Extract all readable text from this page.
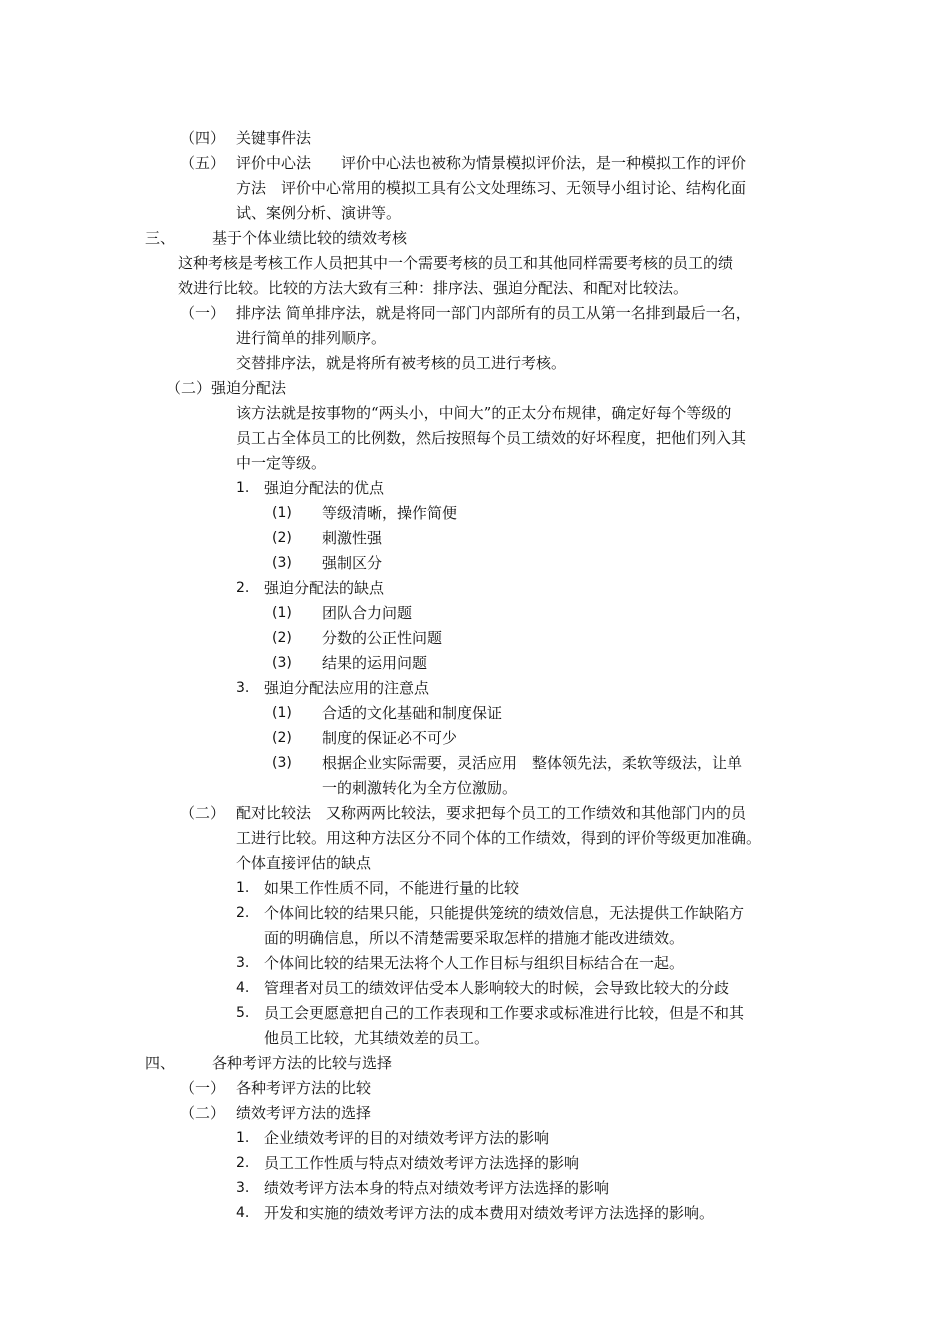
（四） 关键事件法
（五） 评价中心法　　评价中心法也被称为情景模拟评价法，是一种模拟工作的评价
方法　评价中心常用的模拟工具有公文处理练习、无领导小组讨论、结构化面
试、案例分析、演讲等。
三、 基于个体业绩比较的绩效考核
这种考核是考核工作人员把其中一个需要考核的员工和其他同样需要考核的员工的绩
效进行比较。比较的方法大致有三种：排序法、强迫分配法、和配对比较法。
（一） 排序法 简单排序法，就是将同一部门内部所有的员工从第一名排到最后一名，
进行简单的排列顺序。
交替排序法，就是将所有被考核的员工进行考核。
（二）强迫分配法
该方法就是按事物的“两头小，中间大”的正太分布规律，确定好每个等级的
员工占全体员工的比例数，然后按照每个员工绩效的好坏程度，把他们列入其
中一定等级。
1. 强迫分配法的优点
(1) 等级清晰，操作简便
(2) 刺激性强
(3) 强制区分
2. 强迫分配法的缺点
(1) 团队合力问题
(2) 分数的公正性问题
(3) 结果的运用问题
3. 强迫分配法应用的注意点
(1) 合适的文化基础和制度保证
(2) 制度的保证必不可少
(3) 根据企业实际需要，灵活应用　整体领先法，柔软等级法，让单
一的刺激转化为全方位激励。
（二） 配对比较法　又称两两比较法，要求把每个员工的工作绩效和其他部门内的员
工进行比较。用这种方法区分不同个体的工作绩效，得到的评价等级更加准确。
个体直接评估的缺点
1. 如果工作性质不同，不能进行量的比较
2. 个体间比较的结果只能，只能提供笼统的绩效信息，无法提供工作缺陷方
面的明确信息，所以不清楚需要采取怎样的措施才能改进绩效。
3. 个体间比较的结果无法将个人工作目标与组织目标结合在一起。
4. 管理者对员工的绩效评估受本人影响较大的时候，会导致比较大的分歧
5. 员工会更愿意把自己的工作表现和工作要求或标准进行比较，但是不和其
他员工比较，尤其绩效差的员工。
四、 各种考评方法的比较与选择
（一） 各种考评方法的比较
（二） 绩效考评方法的选择
1. 企业绩效考评的目的对绩效考评方法的影响
2. 员工工作性质与特点对绩效考评方法选择的影响
3. 绩效考评方法本身的特点对绩效考评方法选择的影响
4. 开发和实施的绩效考评方法的成本费用对绩效考评方法选择的影响。
